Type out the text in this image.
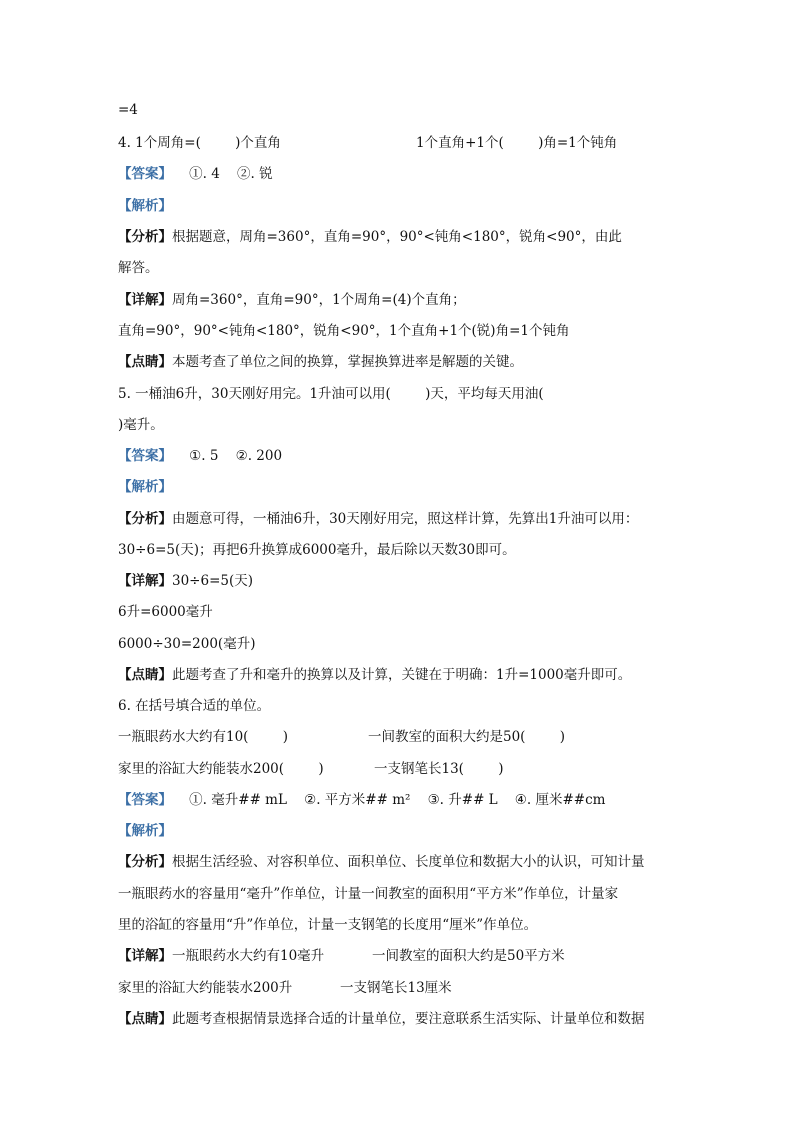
=4
4. 1个周角=(        )个直角	1个直角+1个(        )角=1个钝角
【答案】 ①. 4    ②. 锐
【解析】
【分析】根据题意，周角=360°，直角=90°，90°<钝角<180°，锐角<90°，由此
解答。
【详解】周角=360°，直角=90°，1个周角=(4)个直角；
直角=90°，90°<钝角<180°，锐角<90°，1个直角+1个(锐)角=1个钝角
【点睛】本题考查了单位之间的换算，掌握换算进率是解题的关键。
5. 一桶油6升，30天刚好用完。1升油可以用(        )天，平均每天用油(
)毫升。
【答案】 ①. 5    ②. 200
【解析】
【分析】由题意可得，一桶油6升，30天刚好用完，照这样计算，先算出1升油可以用：
30÷6=5(天)；再把6升换算成6000毫升，最后除以天数30即可。
【详解】30÷6=5(天)
6升=6000毫升
6000÷30=200(毫升)
【点睛】此题考查了升和毫升的换算以及计算，关键在于明确：1升=1000毫升即可。
6. 在括号填合适的单位。
一瓶眼药水大约有10(        )	一间教室的面积大约是50(        )
家里的浴缸大约能装水200(        )	一支钢笔长13(        )
【答案】 ①. 毫升## mL    ②. 平方米## m²    ③. 升## L    ④. 厘米##cm
【解析】
【分析】根据生活经验、对容积单位、面积单位、长度单位和数据大小的认识，可知计量
一瓶眼药水的容量用“毫升”作单位，计量一间教室的面积用“平方米”作单位，计量家
里的浴缸的容量用“升”作单位，计量一支钢笔的长度用“厘米”作单位。
【详解】一瓶眼药水大约有10毫升	一间教室的面积大约是50平方米
家里的浴缸大约能装水200升	一支钢笔长13厘米
【点睛】此题考查根据情景选择合适的计量单位，要注意联系生活实际、计量单位和数据
